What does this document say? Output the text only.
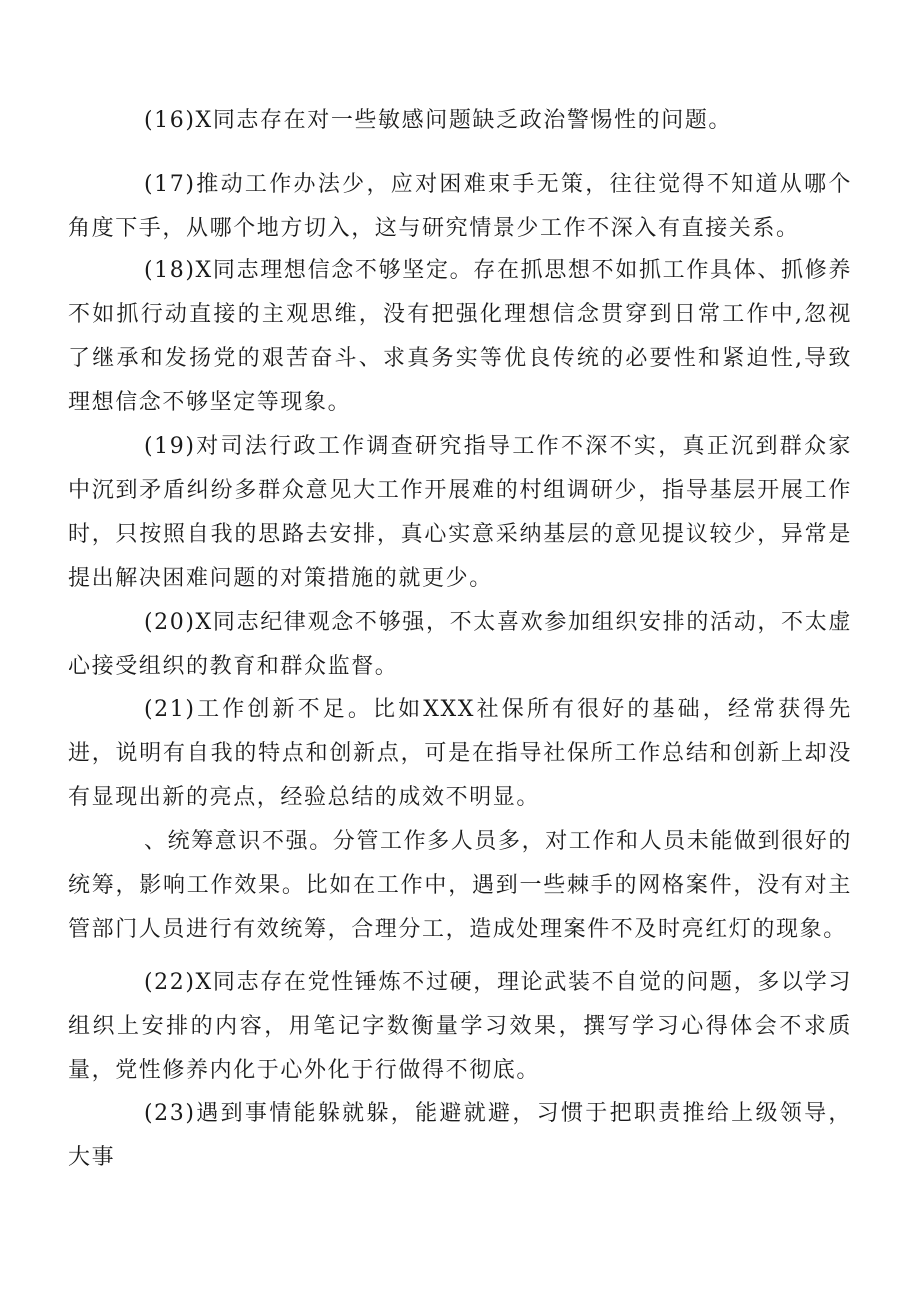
(16)X同志存在对一些敏感问题缺乏政治警惕性的问题。

(17)推动工作办法少，应对困难束手无策，往往觉得不知道从哪个角度下手，从哪个地方切入，这与研究情景少工作不深入有直接关系。

(18)X同志理想信念不够坚定。存在抓思想不如抓工作具体、抓修养不如抓行动直接的主观思维，没有把强化理想信念贯穿到日常工作中,忽视了继承和发扬党的艰苦奋斗、求真务实等优良传统的必要性和紧迫性,导致理想信念不够坚定等现象。

(19)对司法行政工作调查研究指导工作不深不实，真正沉到群众家中沉到矛盾纠纷多群众意见大工作开展难的村组调研少，指导基层开展工作时，只按照自我的思路去安排，真心实意采纳基层的意见提议较少，异常是提出解决困难问题的对策措施的就更少。

(20)X同志纪律观念不够强，不太喜欢参加组织安排的活动，不太虚心接受组织的教育和群众监督。

(21)工作创新不足。比如XXX社保所有很好的基础，经常获得先进，说明有自我的特点和创新点，可是在指导社保所工作总结和创新上却没有显现出新的亮点，经验总结的成效不明显。

、统筹意识不强。分管工作多人员多，对工作和人员未能做到很好的统筹，影响工作效果。比如在工作中，遇到一些棘手的网格案件，没有对主管部门人员进行有效统筹，合理分工，造成处理案件不及时亮红灯的现象。

(22)X同志存在党性锤炼不过硬，理论武装不自觉的问题，多以学习组织上安排的内容，用笔记字数衡量学习效果，撰写学习心得体会不求质量，党性修养内化于心外化于行做得不彻底。

(23)遇到事情能躲就躲，能避就避，习惯于把职责推给上级领导，大事
